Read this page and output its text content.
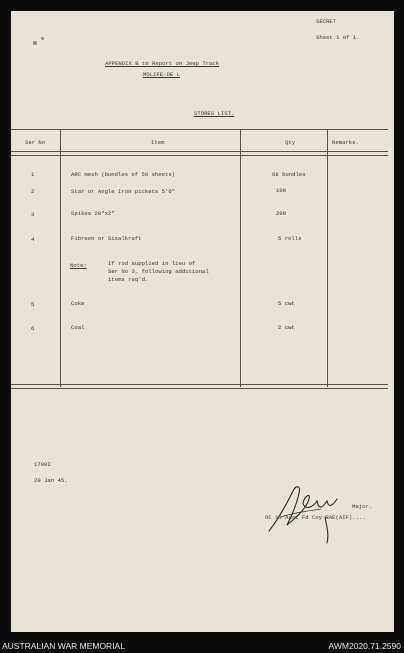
SECRET
Sheet 1 of 1.
APPENDIX B to Report on Jeep Track
MOLIFE-DE L
STORES LIST.
Ser No	Item	Qty	Remarks.
1	ARC mesh (bundles of 50 sheets)	68 bundles
2	Star or Angle Iron pickets 5'6"	100
3	Spikes 20"x2"	200
4	Fibreen or Sisalkraft	5 rolls
Note:	If rod supplied in lieu of
Ser No 3, following additional
items req'd.
5	Coke	5 cwt
6	Coal	2 cwt
1700I
29 Jan 45.
Major.
OC 13 Aust Fd Coy RAE(AIF)....
AUSTRALIAN WAR MEMORIAL	AWM2020.71.2590
